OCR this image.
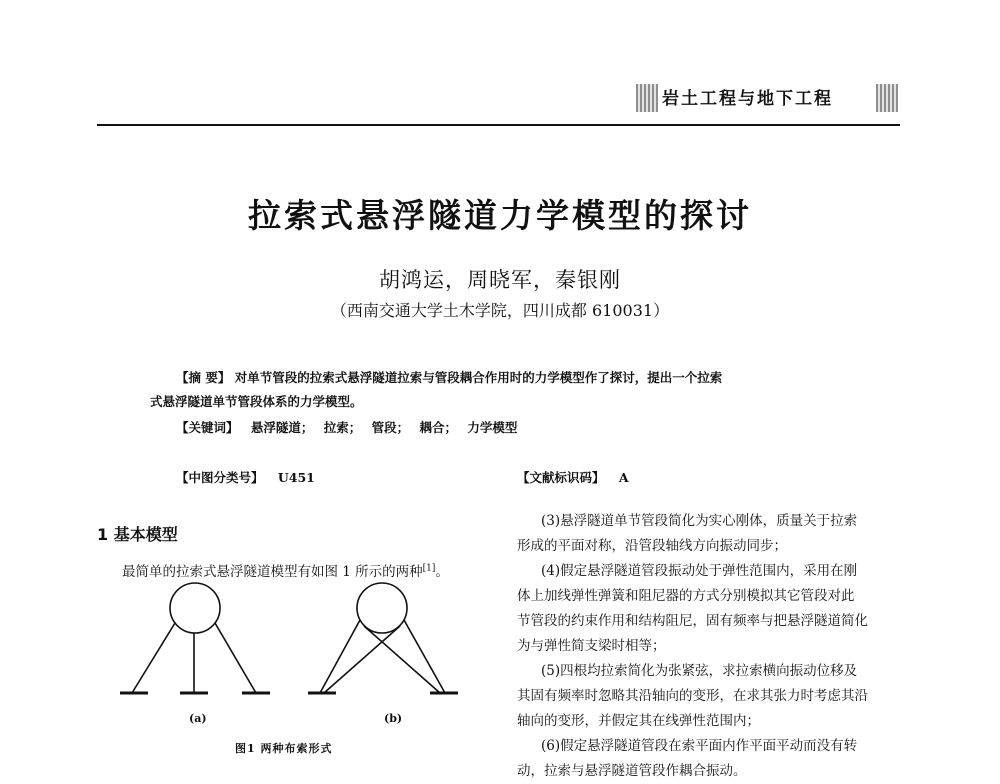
岩土工程与地下工程
拉索式悬浮隧道力学模型的探讨
胡鸿运，周晓军，秦银刚
（西南交通大学土木学院，四川成都 610031）
【摘 要】 对单节管段的拉索式悬浮隧道拉索与管段耦合作用时的力学模型作了探讨，提出一个拉索
式悬浮隧道单节管段体系的力学模型。
【关键词】 悬浮隧道； 拉索； 管段； 耦合； 力学模型
【中图分类号】 U451	【文献标识码】 A
1 基本模型
最简单的拉索式悬浮隧道模型有如图 1 所示的两种[1]。
(a)	(b)
图1 两种布索形式
(3)悬浮隧道单节管段简化为实心刚体，质量关于拉索
形成的平面对称，沿管段轴线方向振动同步；
(4)假定悬浮隧道管段振动处于弹性范围内，采用在刚
体上加线弹性弹簧和阻尼器的方式分别模拟其它管段对此
节管段的约束作用和结构阻尼，固有频率与把悬浮隧道简化
为与弹性简支梁时相等；
(5)四根均拉索简化为张紧弦，求拉索横向振动位移及
其固有频率时忽略其沿轴向的变形，在求其张力时考虑其沿
轴向的变形，并假定其在线弹性范围内；
(6)假定悬浮隧道管段在索平面内作平面平动而没有转
动，拉索与悬浮隧道管段作耦合振动。
